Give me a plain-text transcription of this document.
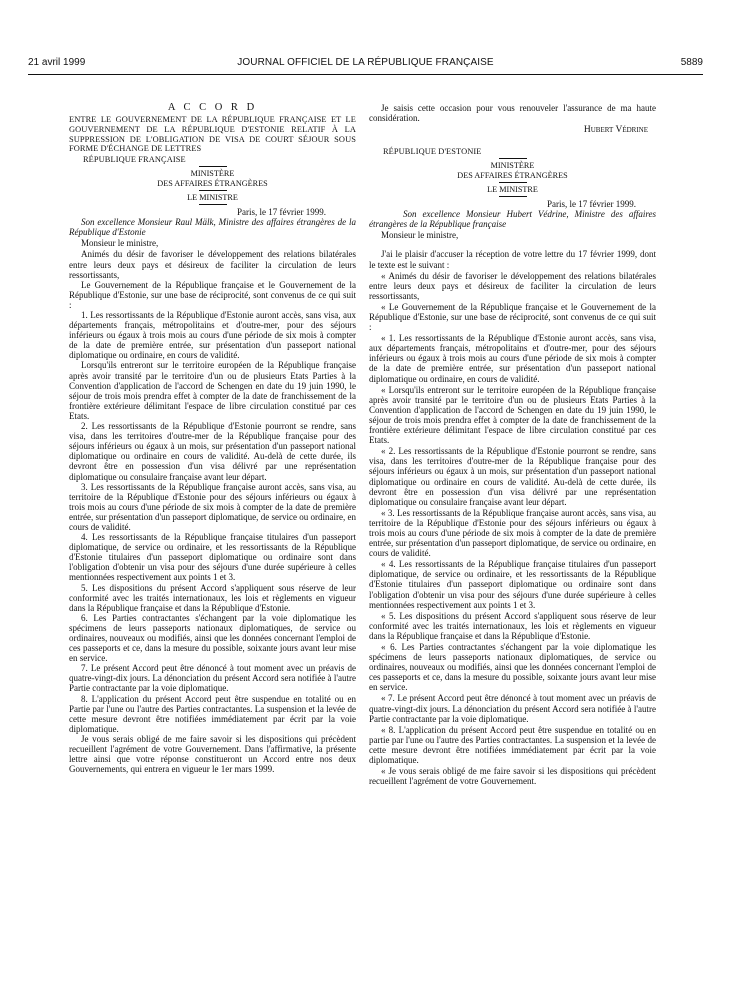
21 avril 1999	JOURNAL OFFICIEL DE LA RÉPUBLIQUE FRANÇAISE	5889
A C C O R D

ENTRE LE GOUVERNEMENT DE LA RÉPUBLIQUE FRANÇAISE ET LE GOUVERNEMENT DE LA RÉPUBLIQUE D'ESTONIE RELATIF À LA SUPPRESSION DE L'OBLIGATION DE VISA DE COURT SÉJOUR SOUS FORME D'ÉCHANGE DE LETTRES

RÉPUBLIQUE FRANÇAISE

MINISTÈRE

DES AFFAIRES ÉTRANGÈRES

LE MINISTRE

Paris, le 17 février 1999.

Son excellence Monsieur Raul Mälk, Ministre des affaires étrangères de la République d'Estonie

Monsieur le ministre,

Animés du désir de favoriser le développement des relations bilatérales entre leurs deux pays et désireux de faciliter la circulation de leurs ressortissants,

Le Gouvernement de la République française et le Gouvernement de la République d'Estonie, sur une base de réciprocité, sont convenus de ce qui suit :

1. Les ressortissants de la République d'Estonie auront accès, sans visa, aux départements français, métropolitains et d'outre-mer, pour des séjours inférieurs ou égaux à trois mois au cours d'une période de six mois à compter de la date de première entrée, sur présentation d'un passeport national diplomatique ou ordinaire, en cours de validité.

Lorsqu'ils entreront sur le territoire européen de la République française après avoir transité par le territoire d'un ou de plusieurs Etats Parties à la Convention d'application de l'accord de Schengen en date du 19 juin 1990, le séjour de trois mois prendra effet à compter de la date de franchissement de la frontière extérieure délimitant l'espace de libre circulation constitué par ces Etats.

2. Les ressortissants de la République d'Estonie pourront se rendre, sans visa, dans les territoires d'outre-mer de la République française pour des séjours inférieurs ou égaux à un mois, sur présentation d'un passeport national diplomatique ou ordinaire en cours de validité. Au-delà de cette durée, ils devront être en possession d'un visa délivré par une représentation diplomatique ou consulaire française avant leur départ.

3. Les ressortissants de la République française auront accès, sans visa, au territoire de la République d'Estonie pour des séjours inférieurs ou égaux à trois mois au cours d'une période de six mois à compter de la date de première entrée, sur présentation d'un passeport diplomatique, de service ou ordinaire, en cours de validité.

4. Les ressortissants de la République française titulaires d'un passeport diplomatique, de service ou ordinaire, et les ressortissants de la République d'Estonie titulaires d'un passeport diplomatique ou ordinaire sont dans l'obligation d'obtenir un visa pour des séjours d'une durée supérieure à celles mentionnées respectivement aux points 1 et 3.

5. Les dispositions du présent Accord s'appliquent sous réserve de leur conformité avec les traités internationaux, les lois et règlements en vigueur dans la République française et dans la République d'Estonie.

6. Les Parties contractantes s'échangent par la voie diplomatique les spécimens de leurs passeports nationaux diplomatiques, de service ou ordinaires, nouveaux ou modifiés, ainsi que les données concernant l'emploi de ces passeports et ce, dans la mesure du possible, soixante jours avant leur mise en service.

7. Le présent Accord peut être dénoncé à tout moment avec un préavis de quatre-vingt-dix jours. La dénonciation du présent Accord sera notifiée à l'autre Partie contractante par la voie diplomatique.

8. L'application du présent Accord peut être suspendue en totalité ou en Partie par l'une ou l'autre des Parties contractantes. La suspension et la levée de cette mesure devront être notifiées immédiatement par écrit par la voie diplomatique.

Je vous serais obligé de me faire savoir si les dispositions qui précèdent recueillent l'agrément de votre Gouvernement. Dans l'affirmative, la présente lettre ainsi que votre réponse constitueront un Accord entre nos deux Gouvernements, qui entrera en vigueur le 1er mars 1999.

Je saisis cette occasion pour vous renouveler l'assurance de ma haute considération.

Hubert Védrine

RÉPUBLIQUE D'ESTONIE

MINISTÈRE

DES AFFAIRES ÉTRANGÈRES

LE MINISTRE

Paris, le 17 février 1999.

Son excellence Monsieur Hubert Védrine, Ministre des affaires étrangères de la République française

Monsieur le ministre,

J'ai le plaisir d'accuser la réception de votre lettre du 17 février 1999, dont le texte est le suivant :

« Animés du désir de favoriser le développement des relations bilatérales entre leurs deux pays et désireux de faciliter la circulation de leurs ressortissants,

« Le Gouvernement de la République française et le Gouvernement de la République d'Estonie, sur une base de réciprocité, sont convenus de ce qui suit :

« 1. Les ressortissants de la République d'Estonie auront accès, sans visa, aux départements français, métropolitains et d'outre-mer, pour des séjours inférieurs ou égaux à trois mois au cours d'une période de six mois à compter de la date de première entrée, sur présentation d'un passeport national diplomatique ou ordinaire, en cours de validité.

« Lorsqu'ils entreront sur le territoire européen de la République française après avoir transité par le territoire d'un ou de plusieurs Etats Parties à la Convention d'application de l'accord de Schengen en date du 19 juin 1990, le séjour de trois mois prendra effet à compter de la date de franchissement de la frontière extérieure délimitant l'espace de libre circulation constitué par ces Etats.

« 2. Les ressortissants de la République d'Estonie pourront se rendre, sans visa, dans les territoires d'outre-mer de la République française pour des séjours inférieurs ou égaux à un mois, sur présentation d'un passeport national diplomatique ou ordinaire en cours de validité. Au-delà de cette durée, ils devront être en possession d'un visa délivré par une représentation diplomatique ou consulaire française avant leur départ.

« 3. Les ressortissants de la République française auront accès, sans visa, au territoire de la République d'Estonie pour des séjours inférieurs ou égaux à trois mois au cours d'une période de six mois à compter de la date de première entrée, sur présentation d'un passeport diplomatique, de service ou ordinaire, en cours de validité.

« 4. Les ressortissants de la République française titulaires d'un passeport diplomatique, de service ou ordinaire, et les ressortissants de la République d'Estonie titulaires d'un passeport diplomatique ou ordinaire sont dans l'obligation d'obtenir un visa pour des séjours d'une durée supérieure à celles mentionnées respectivement aux points 1 et 3.

« 5. Les dispositions du présent Accord s'appliquent sous réserve de leur conformité avec les traités internationaux, les lois et règlements en vigueur dans la République française et dans la République d'Estonie.

« 6. Les Parties contractantes s'échangent par la voie diplomatique les spécimens de leurs passeports nationaux diplomatiques, de service ou ordinaires, nouveaux ou modifiés, ainsi que les données concernant l'emploi de ces passeports et ce, dans la mesure du possible, soixante jours avant leur mise en service.

« 7. Le présent Accord peut être dénoncé à tout moment avec un préavis de quatre-vingt-dix jours. La dénonciation du présent Accord sera notifiée à l'autre Partie contractante par la voie diplomatique.

« 8. L'application du présent Accord peut être suspendue en totalité ou en partie par l'une ou l'autre des Parties contractantes. La suspension et la levée de cette mesure devront être notifiées immédiatement par écrit par la voie diplomatique.

« Je vous serais obligé de me faire savoir si les dispositions qui précèdent recueillent l'agrément de votre Gouvernement.
